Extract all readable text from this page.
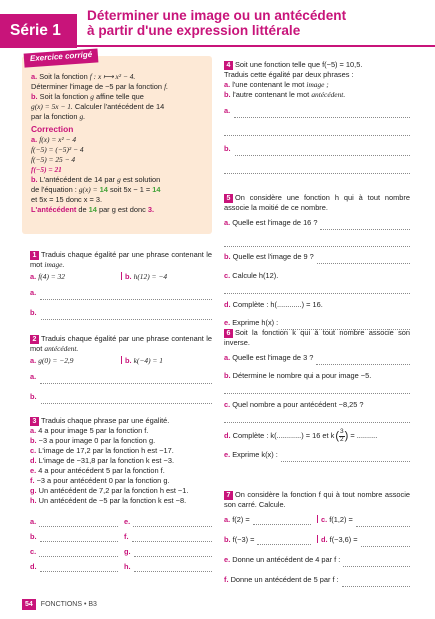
Série 1
Déterminer une image ou un antécédent
à partir d'une expression littérale
a. Soit la fonction f : x ⟼ x² − 4.
Déterminer l'image de −5 par la fonction f.
b. Soit la fonction g affine telle que
g(x) = 5x − 1. Calculer l'antécédent de 14
par la fonction g.
Correction
a. f(x) = x² − 4
f(−5) = (−5)² − 4
f(−5) = 25 − 4
f(−5) = 21
b. L'antécédent de 14 par g est solution
de l'équation : g(x) = 14 soit 5x − 1 = 14
et 5x = 15 donc x = 3.
L'antécédent de 14 par g est donc 3.
Exercice corrigé
1 Traduis chaque égalité par une phrase contenant le mot image.
a. f(4) = 32	b. h(12) = −4
a.
b.
2 Traduis chaque égalité par une phrase contenant le mot antécédent.
a. g(0) = −2,9	b. k(−4) = 1
a.
b.
3 Traduis chaque phrase par une égalité.
a. 4 a pour image 5 par la fonction f.
b. −3 a pour image 0 par la fonction g.
c. L'image de 17,2 par la fonction h est −17.
d. L'image de −31,8 par la fonction k est −3.
e. 4 a pour antécédent 5 par la fonction f.
f. −3 a pour antécédent 0 par la fonction g.
g. Un antécédent de 7,2 par la fonction h est −1.
h. Un antécédent de −5 par la fonction k est −8.
a.
b.
c.
d.
e.
f.
g.
h.
4 Soit une fonction telle que f(−5) = 10,5.
Traduis cette égalité par deux phrases :
a. l'une contenant le mot image ;
b. l'autre contenant le mot antécédent.
a.
b.
5 On considère une fonction h qui à tout nombre associe la moitié de ce nombre.
a.
Quelle est l'image de 16 ?
b.
Quelle est l'image de 9 ?
c. Calcule h(12).
d. Complète : h(............) = 16.
e.
Exprime h(x) :
6 Soit la fonction k qui à tout nombre associe son inverse.
a.
Quelle est l'image de 3 ?
b. Détermine le nombre qui a pour image −5.
c. Quel nombre a pour antécédent −8,25 ?
d.
Complète : k(............) = 16 et k ( 3
2 )
= ..........
e.
Exprime k(x) :
7 On considère la fonction f qui à tout nombre associe son carré. Calcule.
a.
f(2) =	c.
f(1,2) =
b.
f(−3) =	d.
f(−3,6) =
e.
Donne un antécédent de 4 par f :
f.
Donne un antécédent de 5 par f :
54 FONCTIONS • B3
